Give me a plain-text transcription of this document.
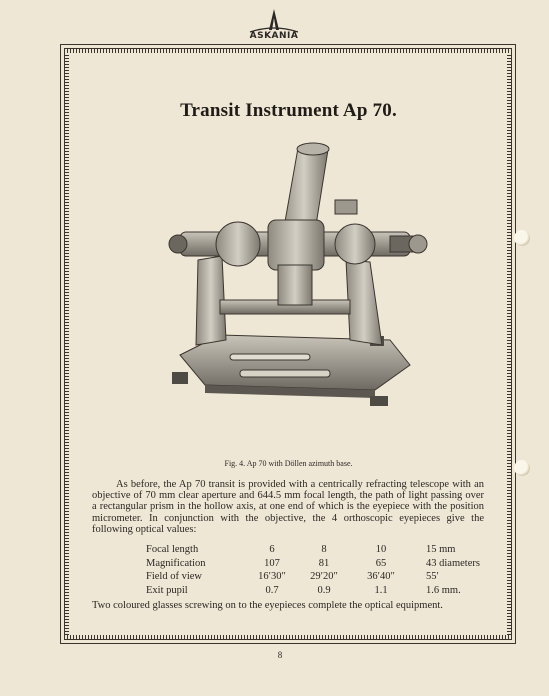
ASKANIA
Transit Instrument Ap 70.
Fig. 4. Ap 70 with Döllen azimuth base.
As before, the Ap 70 transit is provided with a centrically refracting telescope with an objective of 70 mm clear aperture and 644.5 mm focal length, the path of light passing over a rectangular prism in the hollow axis, at one end of which is the eyepiece with the position micrometer. In conjunction with the objective, the 4 orthoscopic eyepieces give the following optical values:
Focal length	6	8	10	15 mm
Magnification	107	81	65	43 diameters
Field of view	16′30″	29′20″	36′40″	55′
Exit pupil	0.7	0.9	1.1	1.6 mm.
Two coloured glasses screwing on to the eyepieces complete the optical equipment.
8
